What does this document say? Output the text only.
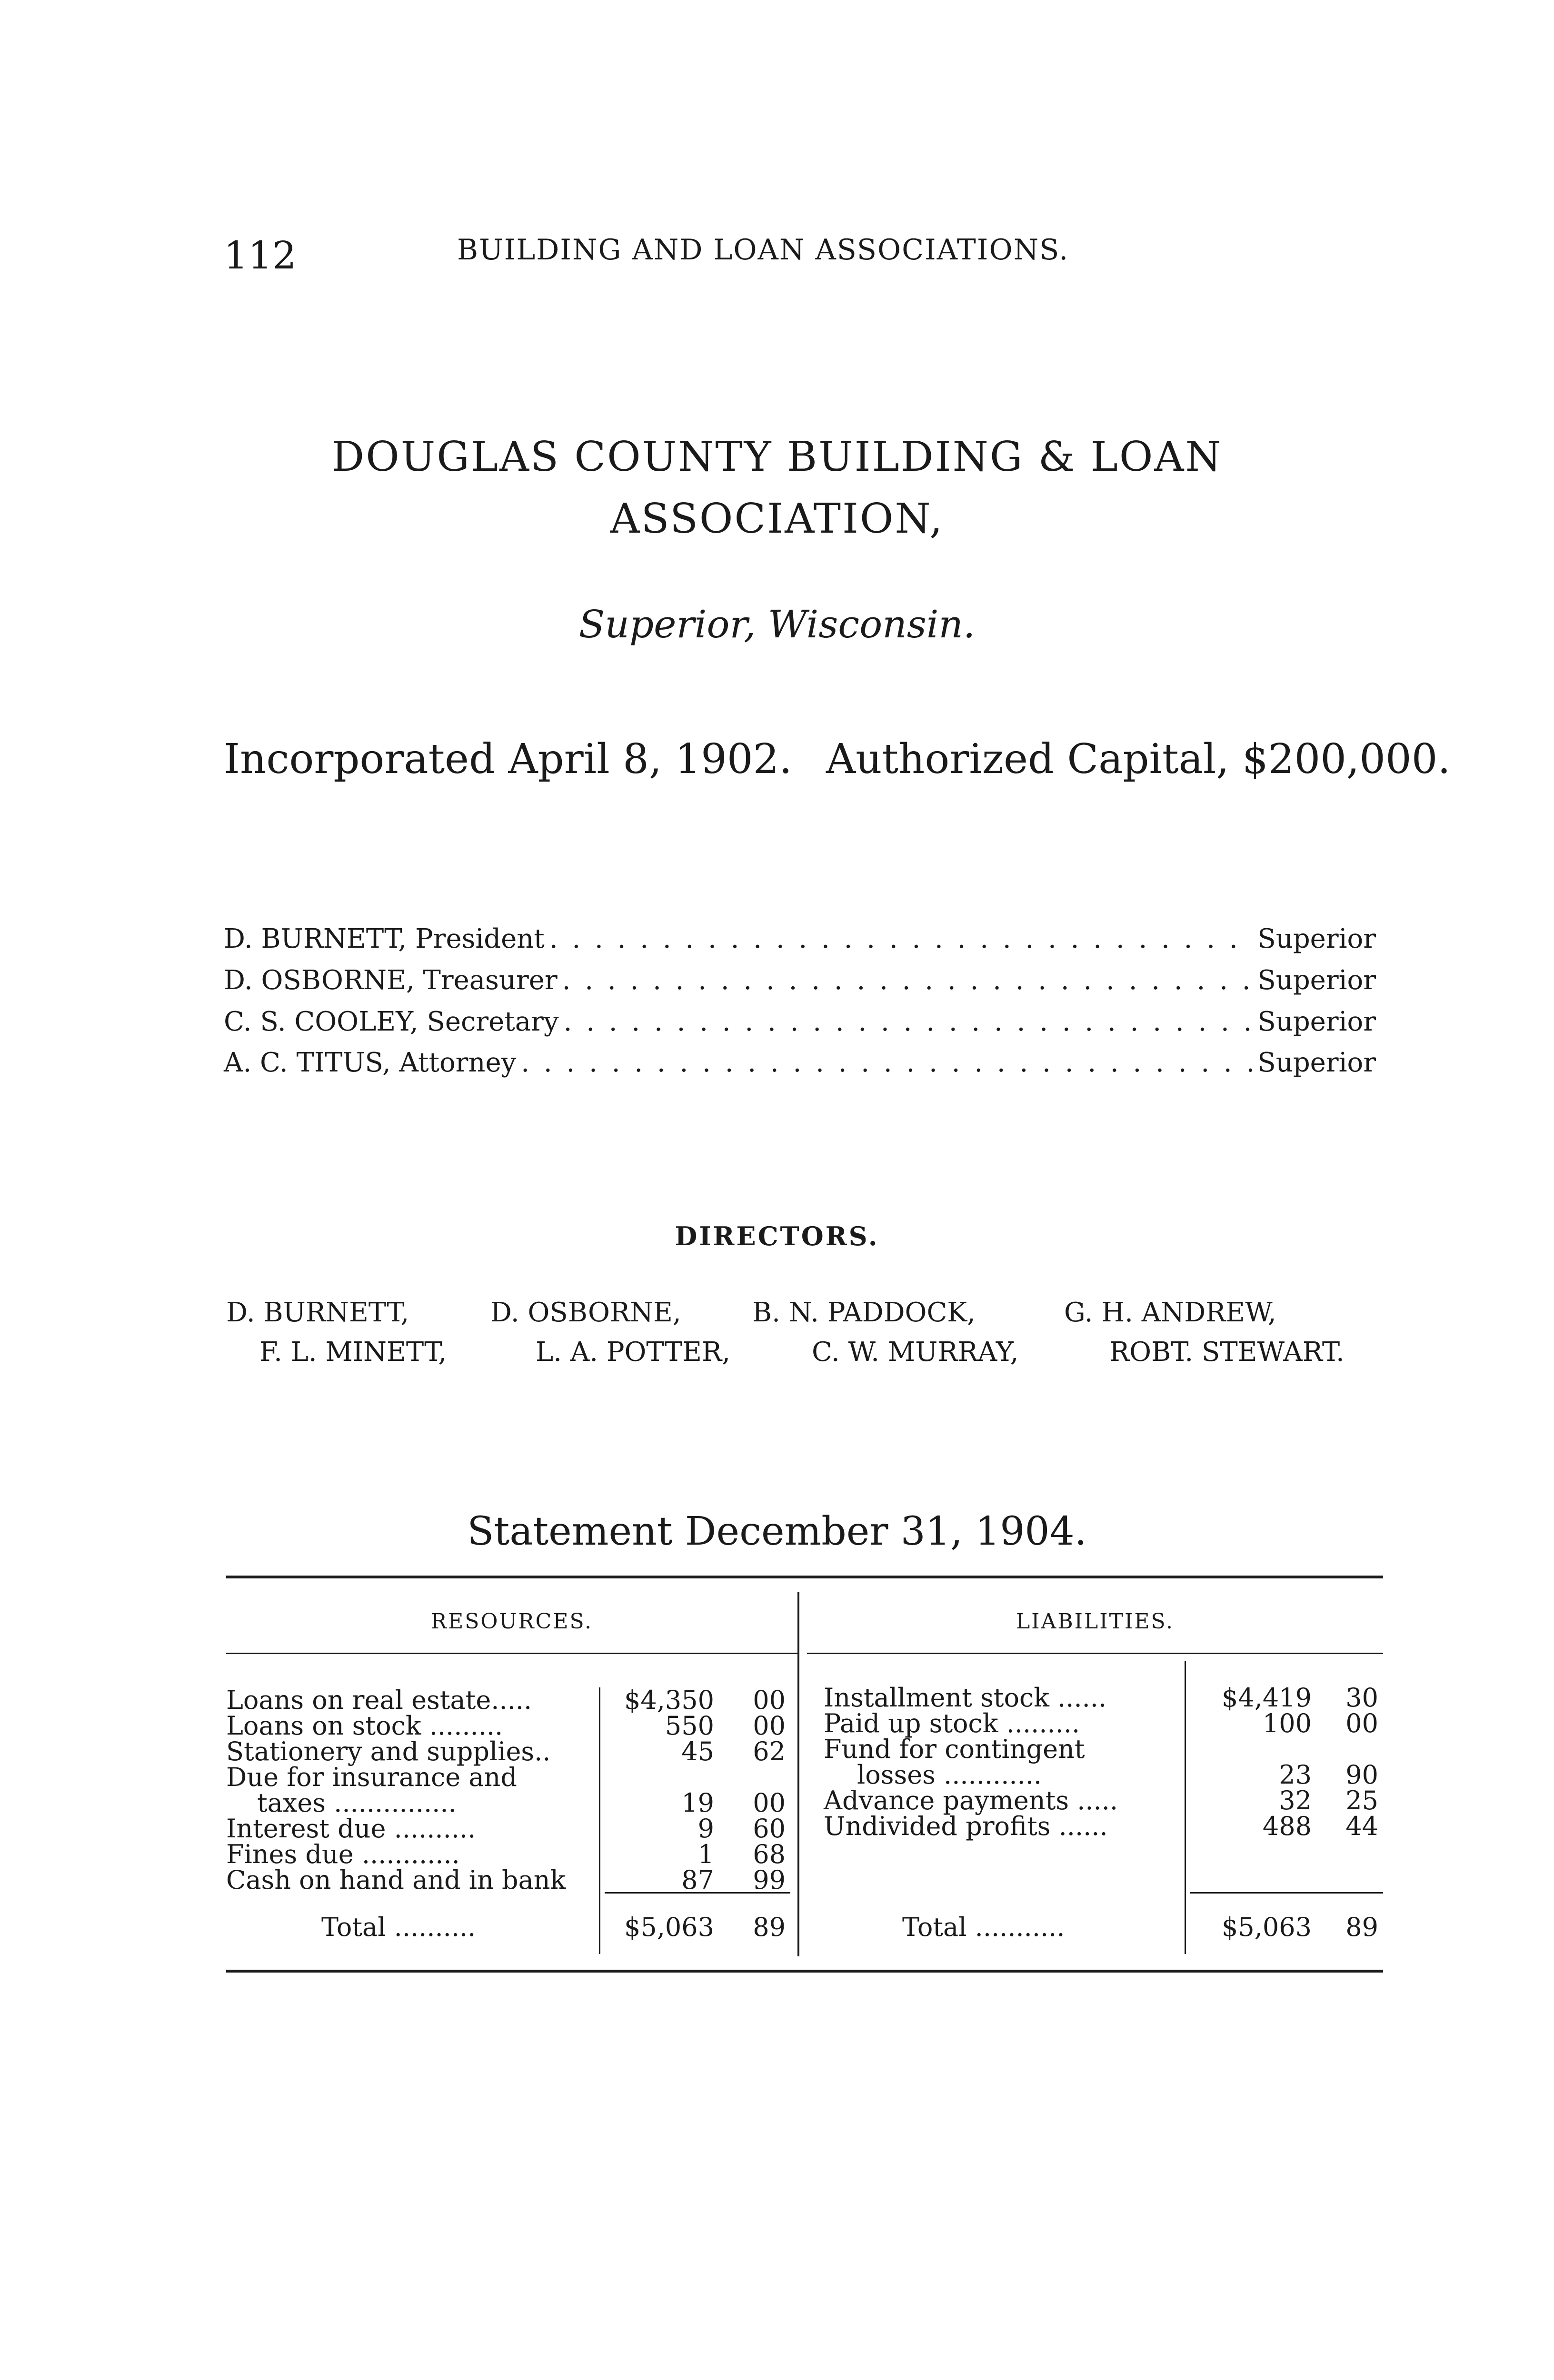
112	BUILDING AND LOAN ASSOCIATIONS.
DOUGLAS COUNTY BUILDING & LOAN
ASSOCIATION,
Superior, Wisconsin.
Incorporated April 8, 1902. Authorized Capital, $200,000.
D. BURNETT, President . . .	Superior
D. OSBORNE, Treasurer . . .	Superior
C. S. COOLEY, Secretary . . .	Superior
A. C. TITUS, Attorney . . .	Superior
DIRECTORS.
D. BURNETT,	D. OSBORNE,	B. N. PADDOCK,	G. H. ANDREW,
F. L. MINETT,	L. A. POTTER,	C. W. MURRAY,	ROBT. STEWART.
Statement December 31, 1904.
RESOURCES.	LIABILITIES.
Loans on real estate.....	$4,350	00
Loans on stock .........	550	00
Stationery and supplies..	45	62
Due for insurance and
taxes ...............	19	00
Interest due ..........	9	60
Fines due ............	1	68
Cash on hand and in bank	87	99
Total ..........	$5,063	89
Installment stock ......	$4,419	30
Paid up stock .........	100	00
Fund for contingent
losses ............	23	90
Advance payments .....	32	25
Undivided profits ......	488	44
Total ...........	$5,063	89
